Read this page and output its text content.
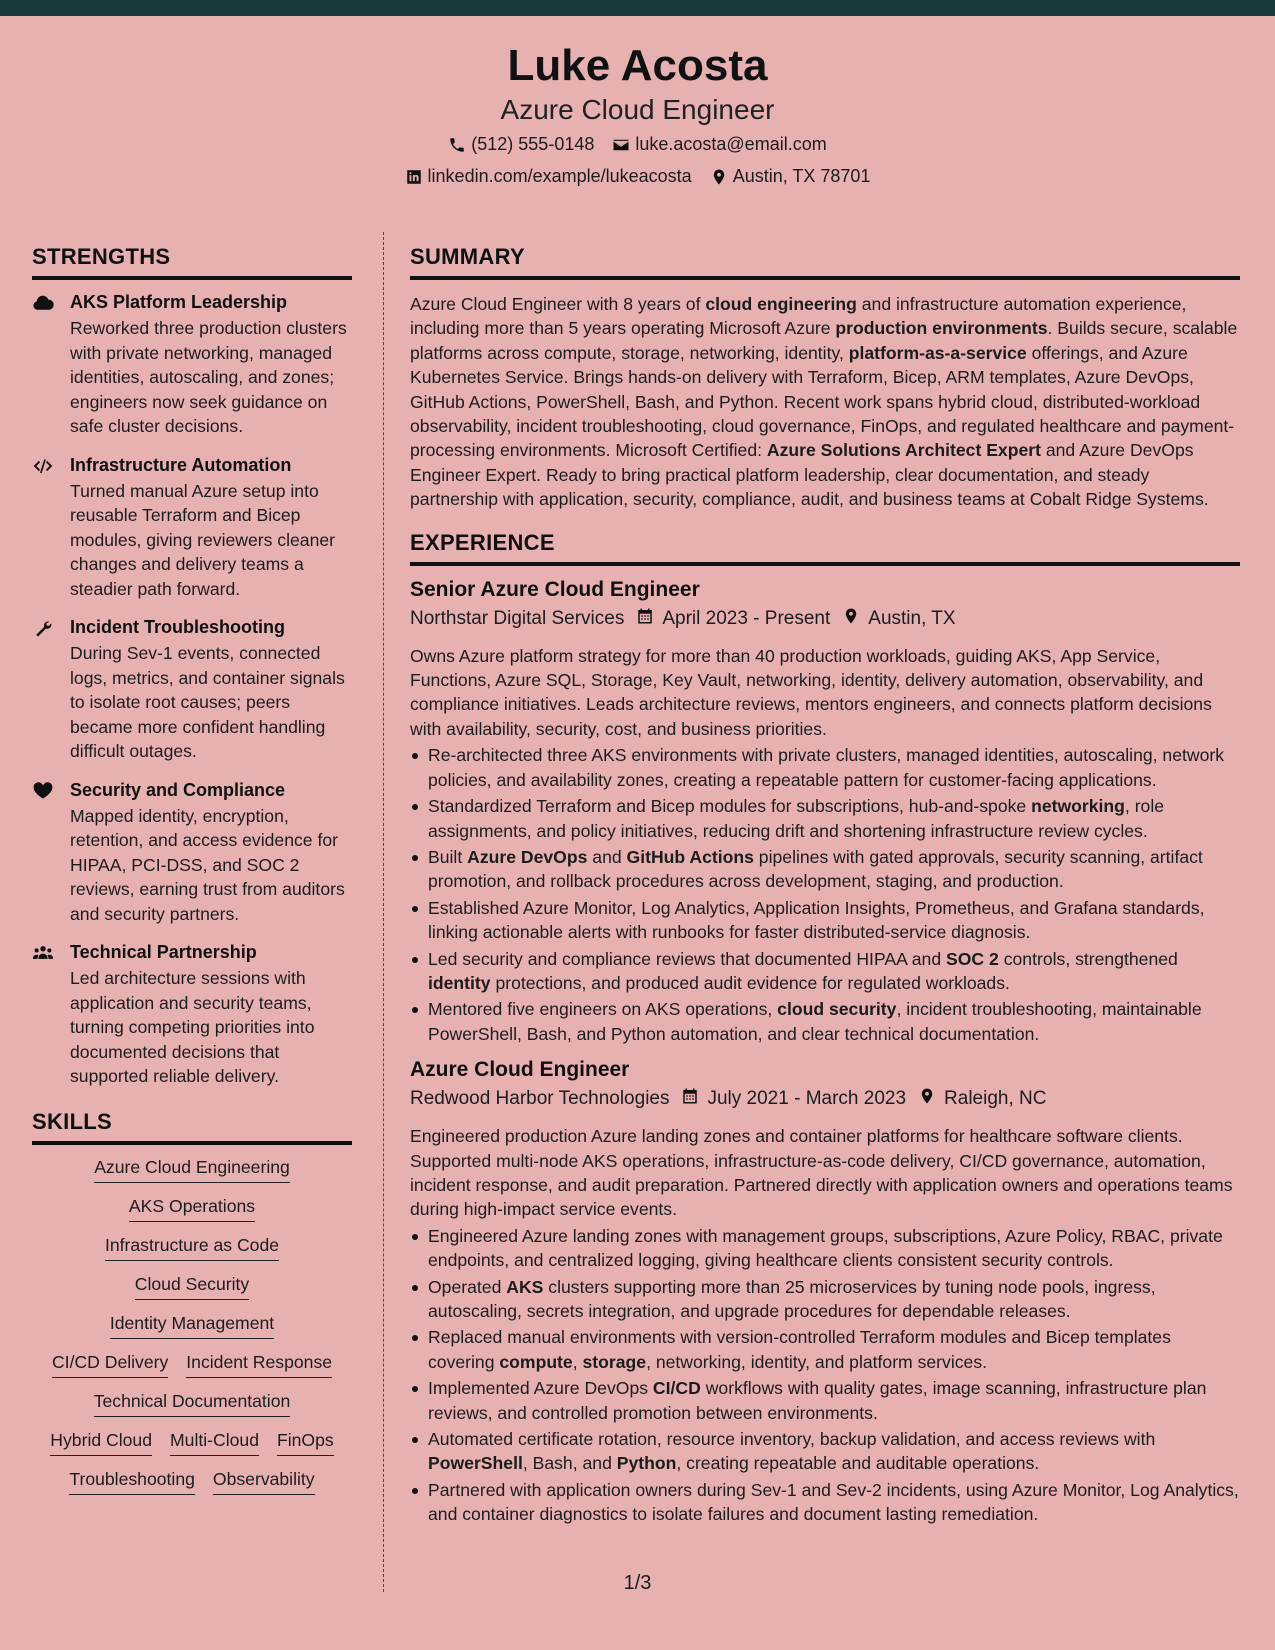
Luke Acosta
Azure Cloud Engineer
(512) 555-0148 luke.acosta@email.com
linkedin.com/example/lukeacosta Austin, TX 78701
STRENGTHS
AKS Platform Leadership

Reworked three production clusters with private networking, managed identities, autoscaling, and zones; engineers now seek guidance on safe cluster decisions.

Infrastructure Automation

Turned manual Azure setup into reusable Terraform and Bicep modules, giving reviewers cleaner changes and delivery teams a steadier path forward.

Incident Troubleshooting

During Sev-1 events, connected logs, metrics, and container signals to isolate root causes; peers became more confident handling difficult outages.

Security and Compliance

Mapped identity, encryption, retention, and access evidence for HIPAA, PCI-DSS, and SOC 2 reviews, earning trust from auditors and security partners.

Technical Partnership

Led architecture sessions with application and security teams, turning competing priorities into documented decisions that supported reliable delivery.

SKILLS
Azure Cloud Engineering
AKS Operations
Infrastructure as Code
Cloud Security
Identity Management
CI/CD Delivery Incident Response
Technical Documentation
Hybrid Cloud Multi-Cloud FinOps
Troubleshooting Observability
SUMMARY

Azure Cloud Engineer with 8 years of cloud engineering and infrastructure automation experience, including more than 5 years operating Microsoft Azure production environments. Builds secure, scalable platforms across compute, storage, networking, identity, platform-as-a-service offerings, and Azure Kubernetes Service. Brings hands-on delivery with Terraform, Bicep, ARM templates, Azure DevOps, GitHub Actions, PowerShell, Bash, and Python. Recent work spans hybrid cloud, distributed-workload observability, incident troubleshooting, cloud governance, FinOps, and regulated healthcare and payment-processing environments. Microsoft Certified: Azure Solutions Architect Expert and Azure DevOps Engineer Expert. Ready to bring practical platform leadership, clear documentation, and steady partnership with application, security, compliance, audit, and business teams at Cobalt Ridge Systems.

EXPERIENCE
Senior Azure Cloud Engineer
Northstar Digital Services April 2023 - Present Austin, TX

Owns Azure platform strategy for more than 40 production workloads, guiding AKS, App Service, Functions, Azure SQL, Storage, Key Vault, networking, identity, delivery automation, observability, and compliance initiatives. Leads architecture reviews, mentors engineers, and connects platform decisions with availability, security, cost, and business priorities.

Re-architected three AKS environments with private clusters, managed identities, autoscaling, network policies, and availability zones, creating a repeatable pattern for customer-facing applications.
Standardized Terraform and Bicep modules for subscriptions, hub-and-spoke networking, role assignments, and policy initiatives, reducing drift and shortening infrastructure review cycles.
Built Azure DevOps and GitHub Actions pipelines with gated approvals, security scanning, artifact promotion, and rollback procedures across development, staging, and production.
Established Azure Monitor, Log Analytics, Application Insights, Prometheus, and Grafana standards, linking actionable alerts with runbooks for faster distributed-service diagnosis.
Led security and compliance reviews that documented HIPAA and SOC 2 controls, strengthened identity protections, and produced audit evidence for regulated workloads.
Mentored five engineers on AKS operations, cloud security, incident troubleshooting, maintainable PowerShell, Bash, and Python automation, and clear technical documentation.
Azure Cloud Engineer
Redwood Harbor Technologies July 2021 - March 2023 Raleigh, NC

Engineered production Azure landing zones and container platforms for healthcare software clients. Supported multi-node AKS operations, infrastructure-as-code delivery, CI/CD governance, automation, incident response, and audit preparation. Partnered directly with application owners and operations teams during high-impact service events.

Engineered Azure landing zones with management groups, subscriptions, Azure Policy, RBAC, private endpoints, and centralized logging, giving healthcare clients consistent security controls.
Operated AKS clusters supporting more than 25 microservices by tuning node pools, ingress, autoscaling, secrets integration, and upgrade procedures for dependable releases.
Replaced manual environments with version-controlled Terraform modules and Bicep templates covering compute, storage, networking, identity, and platform services.
Implemented Azure DevOps CI/CD workflows with quality gates, image scanning, infrastructure plan reviews, and controlled promotion between environments.
Automated certificate rotation, resource inventory, backup validation, and access reviews with PowerShell, Bash, and Python, creating repeatable and auditable operations.
Partnered with application owners during Sev-1 and Sev-2 incidents, using Azure Monitor, Log Analytics, and container diagnostics to isolate failures and document lasting remediation.
1/3
